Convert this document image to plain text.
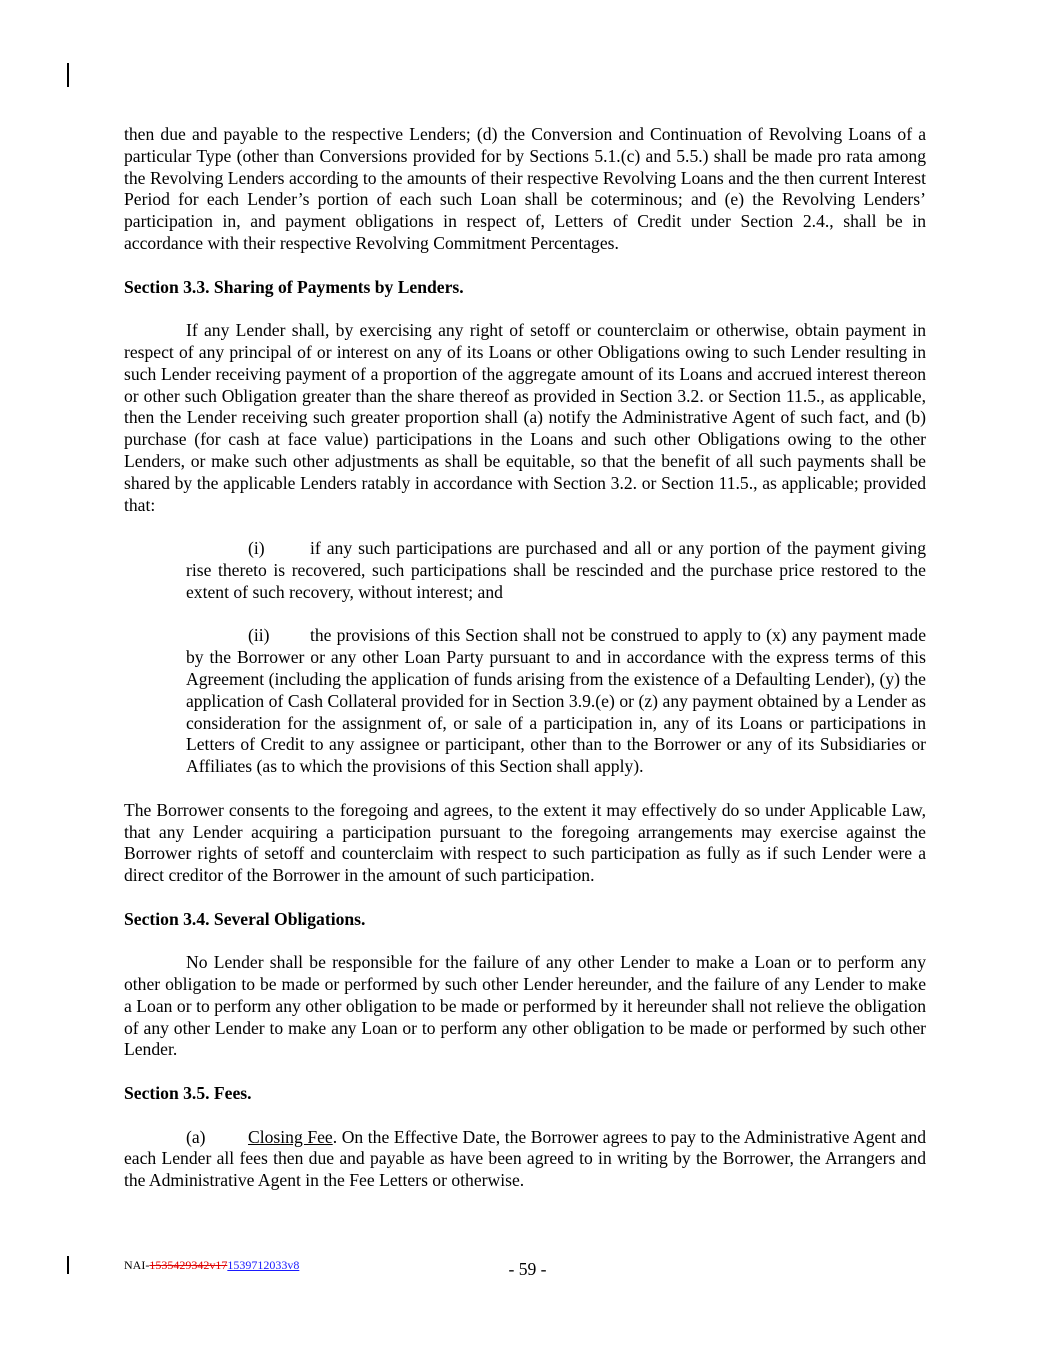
then due and payable to the respective Lenders; (d) the Conversion and Continuation of Revolving Loans of a particular Type (other than Conversions provided for by Sections 5.1.(c) and 5.5.) shall be made pro rata among the Revolving Lenders according to the amounts of their respective Revolving Loans and the then current Interest Period for each Lender’s portion of each such Loan shall be coterminous; and (e) the Revolving Lenders’ participation in, and payment obligations in respect of, Letters of Credit under Section 2.4., shall be in accordance with their respective Revolving Commitment Percentages.

Section 3.3. Sharing of Payments by Lenders.

If any Lender shall, by exercising any right of setoff or counterclaim or otherwise, obtain payment in respect of any principal of or interest on any of its Loans or other Obligations owing to such Lender resulting in such Lender receiving payment of a proportion of the aggregate amount of its Loans and accrued interest thereon or other such Obligation greater than the share thereof as provided in Section 3.2. or Section 11.5., as applicable, then the Lender receiving such greater proportion shall (a) notify the Administrative Agent of such fact, and (b) purchase (for cash at face value) participations in the Loans and such other Obligations owing to the other Lenders, or make such other adjustments as shall be equitable, so that the benefit of all such payments shall be shared by the applicable Lenders ratably in accordance with Section 3.2. or Section 11.5., as applicable; provided that:

(i)	if any such participations are purchased and all or any portion of the payment giving rise thereto is recovered, such participations shall be rescinded and the purchase price restored to the extent of such recovery, without interest; and

(ii) the provisions of this Section shall not be construed to apply to (x) any payment made by the Borrower or any other Loan Party pursuant to and in accordance with the express terms of this Agreement (including the application of funds arising from the existence of a Defaulting Lender), (y) the application of Cash Collateral provided for in Section 3.9.(e) or (z) any payment obtained by a Lender as consideration for the assignment of, or sale of a participation in, any of its Loans or participations in Letters of Credit to any assignee or participant, other than to the Borrower or any of its Subsidiaries or Affiliates (as to which the provisions of this Section shall apply).

The Borrower consents to the foregoing and agrees, to the extent it may effectively do so under Applicable Law, that any Lender acquiring a participation pursuant to the foregoing arrangements may exercise against the Borrower rights of setoff and counterclaim with respect to such participation as fully as if such Lender were a direct creditor of the Borrower in the amount of such participation.

Section 3.4. Several Obligations.

No Lender shall be responsible for the failure of any other Lender to make a Loan or to perform any other obligation to be made or performed by such other Lender hereunder, and the failure of any Lender to make a Loan or to perform any other obligation to be made or performed by it hereunder shall not relieve the obligation of any other Lender to make any Loan or to perform any other obligation to be made or performed by such other Lender.

Section 3.5. Fees.

(a) Closing Fee. On the Effective Date, the Borrower agrees to pay to the Administrative Agent and each Lender all fees then due and payable as have been agreed to in writing by the Borrower, the Arrangers and the Administrative Agent in the Fee Letters or otherwise.

NAI-1535429342v171539712033v8	- 59 -
